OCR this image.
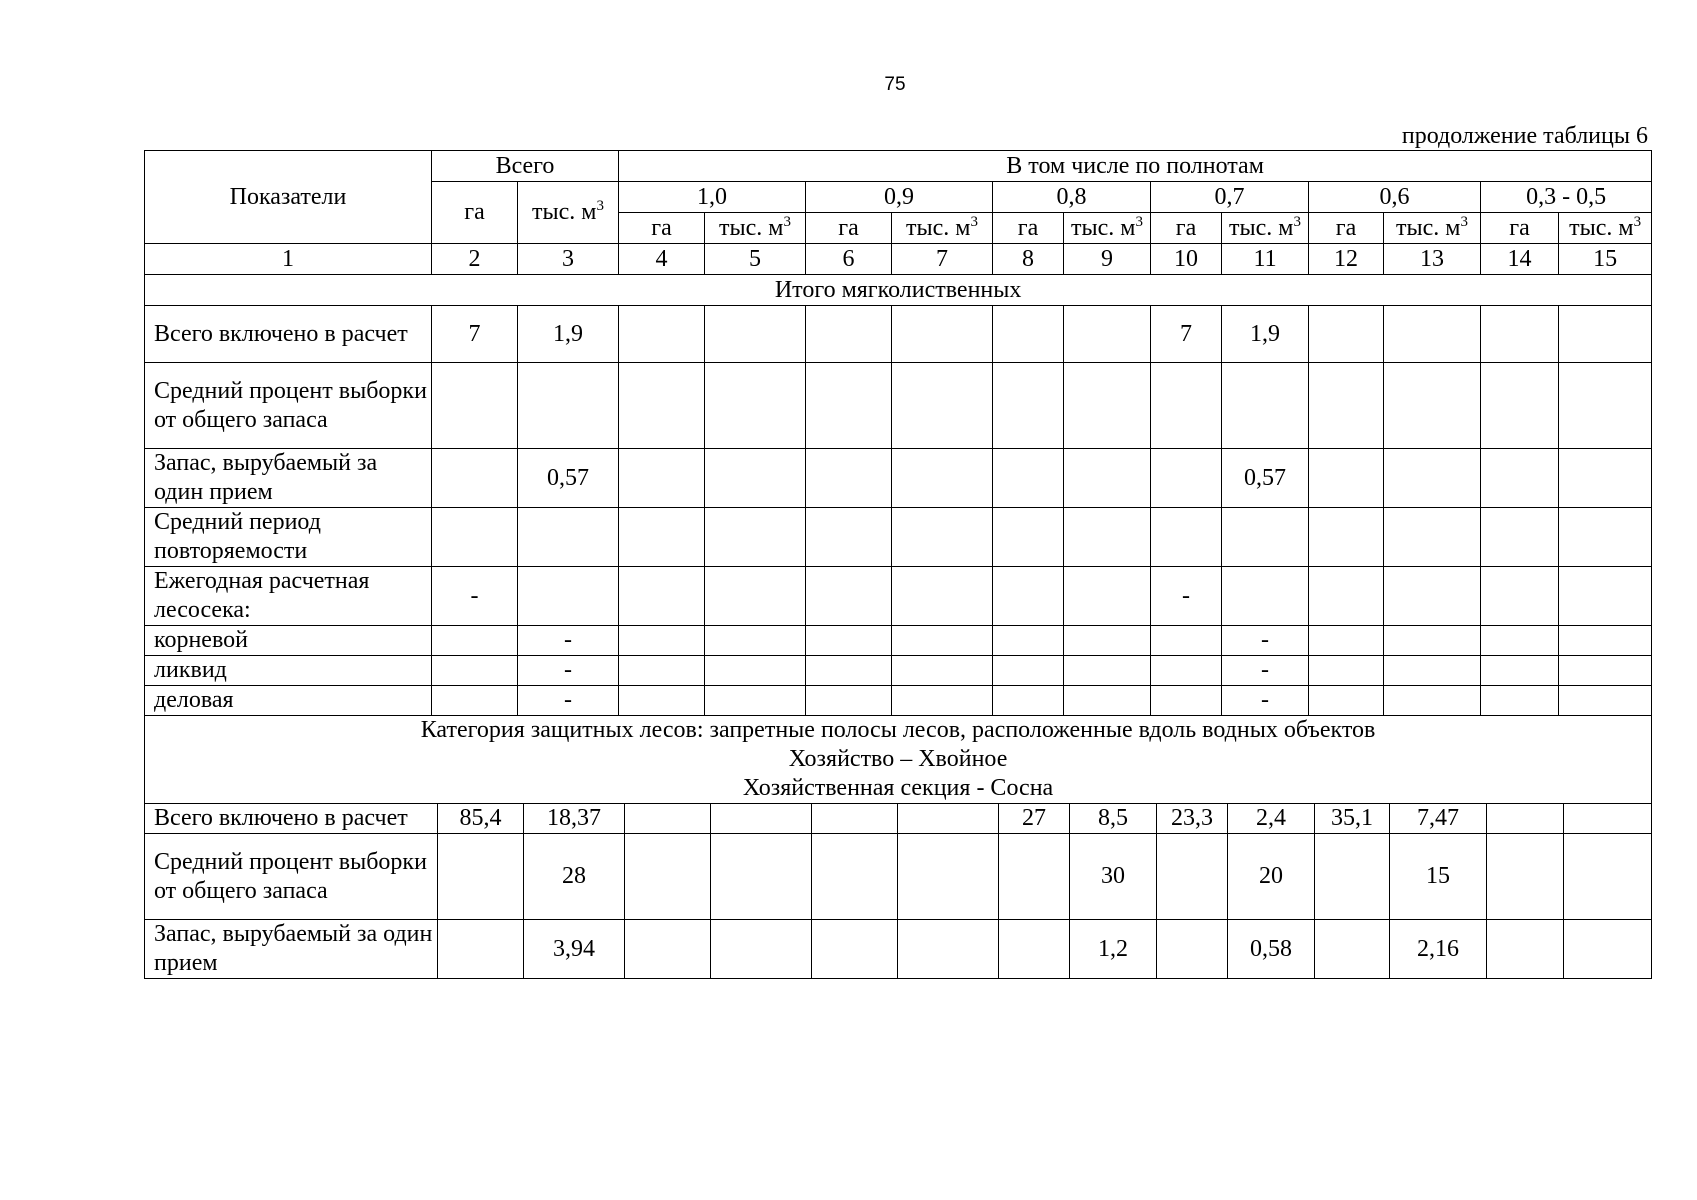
75
продолжение таблицы 6
Показатели	Всего		В том числе по полнотам											
	га	тыс. $м^3$	1,0		0,9		0,8		0,7		0,6		0,3 - 0,5	
			га	тыс. $м^3$	га	тыс. $м^3$	га	тыс. $м^3$	га	тыс. $м^3$	га	тыс. $м^3$	га	тыс. $м^3$
1	2	3	4	5	6	7	8	9	10	11	12	13	14	15
Итого мягколиственных														
Всего включено в расчет	7	1,9							7	1,9				
Средний процент выборки от общего запаса														
Запас, вырубаемый за один прием		0,57								0,57				
Средний период повторяемости														
Ежегодная расчетная лесосека:	-								-					
корневой		-								-				
ликвид		-								-				
деловая		-								-				
Категория защитных лесов: запретные полосы лесов, расположенные вдоль водных объектов
Хозяйство – Хвойное
Хозяйственная секция - Сосна														

Всего включено в расчет	85,4	18,37					27	8,5	23,3	2,4	35,1	7,47		
Средний процент выборки от общего запаса		28						30		20		15		
Запас, вырубаемый за один прием		3,94						1,2		0,58		2,16		
